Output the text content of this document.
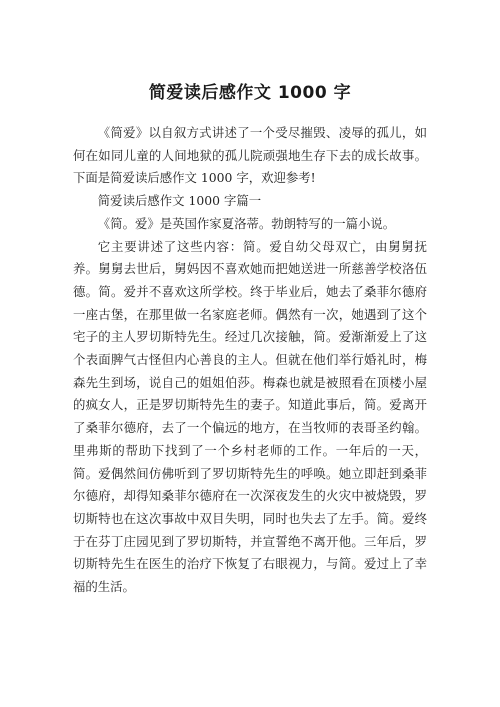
简爱读后感作文 1000 字

《简爱》以自叙方式讲述了一个受尽摧毁、凌辱的孤儿，如何在如同儿童的人间地狱的孤儿院顽强地生存下去的成长故事。下面是简爱读后感作文 1000 字，欢迎参考!

简爱读后感作文 1000 字篇一

《简。爱》是英国作家夏洛蒂。勃朗特写的一篇小说。

它主要讲述了这些内容：简。爱自幼父母双亡，由舅舅抚养。舅舅去世后，舅妈因不喜欢她而把她送进一所慈善学校洛伍德。简。爱并不喜欢这所学校。终于毕业后，她去了桑菲尔德府一座古堡，在那里做一名家庭老师。偶然有一次，她遇到了这个宅子的主人罗切斯特先生。经过几次接触，简。爱渐渐爱上了这个表面脾气古怪但内心善良的主人。但就在他们举行婚礼时，梅森先生到场，说自己的姐姐伯莎。梅森也就是被照看在顶楼小屋的疯女人，正是罗切斯特先生的妻子。知道此事后，简。爱离开了桑菲尔德府，去了一个偏远的地方，在当牧师的表哥圣约翰。里弗斯的帮助下找到了一个乡村老师的工作。一年后的一天，简。爱偶然间仿佛听到了罗切斯特先生的呼唤。她立即赶到桑菲尔德府，却得知桑菲尔德府在一次深夜发生的火灾中被烧毁，罗切斯特也在这次事故中双目失明，同时也失去了左手。简。爱终于在芬丁庄园见到了罗切斯特，并宣誓绝不离开他。三年后，罗切斯特先生在医生的治疗下恢复了右眼视力，与简。爱过上了幸福的生活。
